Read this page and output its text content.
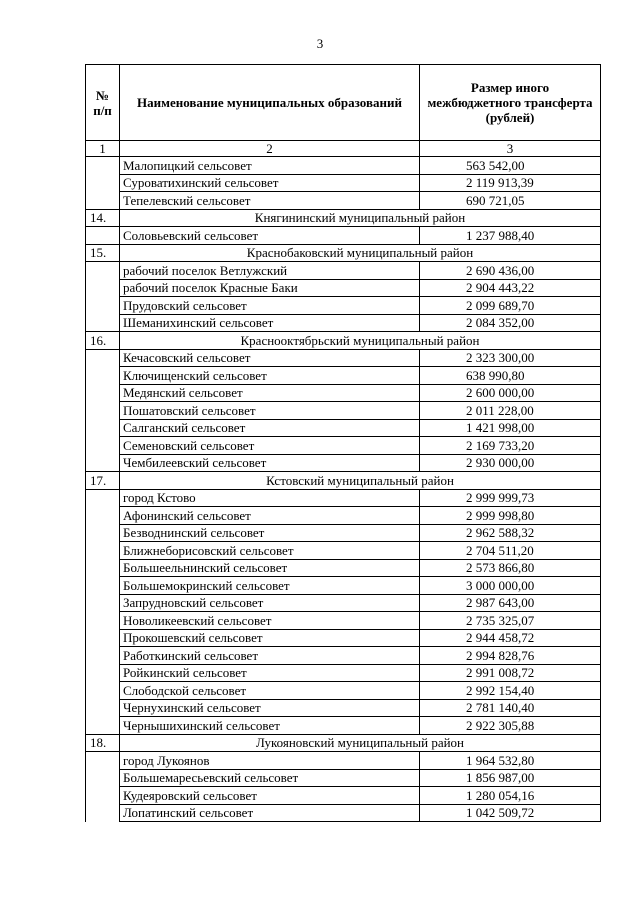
3
№ п/п	Наименование муниципальных образований	Размер иного межбюджетного трансферта (рублей)
1	2	3
	Малопицкий сельсовет	563 542,00
	Суроватихинский сельсовет	2 119 913,39
	Тепелевский сельсовет	690 721,05
14.	Княгининский муниципальный район	
	Соловьевский сельсовет	1 237 988,40
15.	Краснобаковский муниципальный район	
	рабочий поселок Ветлужский	2 690 436,00
	рабочий поселок Красные Баки	2 904 443,22
	Прудовский сельсовет	2 099 689,70
	Шеманихинский сельсовет	2 084 352,00
16.	Краснооктябрьский муниципальный район	
	Кечасовский сельсовет	2 323 300,00
	Ключищенский сельсовет	638 990,80
	Медянский сельсовет	2 600 000,00
	Пошатовский сельсовет	2 011 228,00
	Салганский сельсовет	1 421 998,00
	Семеновский сельсовет	2 169 733,20
	Чембилеевский сельсовет	2 930 000,00
17.	Кстовский муниципальный район	
	город Кстово	2 999 999,73
	Афонинский сельсовет	2 999 998,80
	Безводнинский сельсовет	2 962 588,32
	Ближнеборисовский сельсовет	2 704 511,20
	Большеельнинский сельсовет	2 573 866,80
	Большемокринский сельсовет	3 000 000,00
	Запрудновский сельсовет	2 987 643,00
	Новоликеевский сельсовет	2 735 325,07
	Прокошевский сельсовет	2 944 458,72
	Работкинский сельсовет	2 994 828,76
	Ройкинский сельсовет	2 991 008,72
	Слободской сельсовет	2 992 154,40
	Чернухинский сельсовет	2 781 140,40
	Чернышихинский сельсовет	2 922 305,88
18.	Лукояновский муниципальный район	
	город Лукоянов	1 964 532,80
	Большемаресьевский сельсовет	1 856 987,00
	Кудеяровский сельсовет	1 280 054,16
	Лопатинский сельсовет	1 042 509,72
